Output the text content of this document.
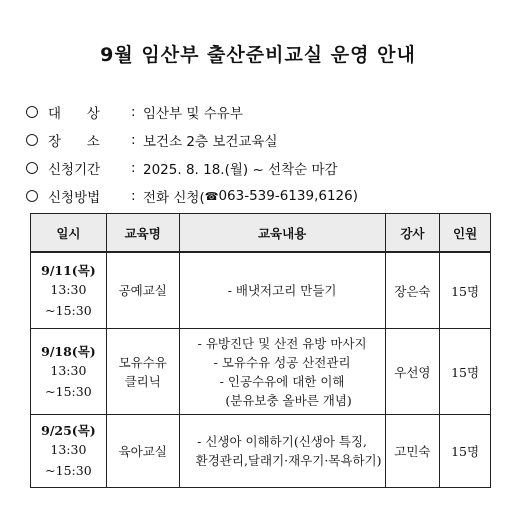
9월 임산부 출산준비교실 운영 안내
대      상	: 임산부 및 수유부
장      소	: 보건소 2층 보건교육실
신청기간	: 2025. 8. 18.(월) ~ 선착순 마감
신청방법	: 전화 신청( ☎ 063-539-6139,6126)
일시	교육명	교육내용	강사	인원

9/11(목)
13:30
~15:30	공예교실	- 배냇저고리 만들기	장은숙	15명

9/18(목)
13:30
~15:30	모유수유
클리닉	- 유방진단 및 산전 유방 마사지
- 모유수유 성공 산전관리
- 인공수유에 대한 이해
(분유보충 올바른 개념)	우선영	15명

9/25(목)
13:30
~15:30	육아교실	- 신생아 이해하기(신생아 특징,
환경관리,달래기·재우기·목욕하기)	고민숙	15명
